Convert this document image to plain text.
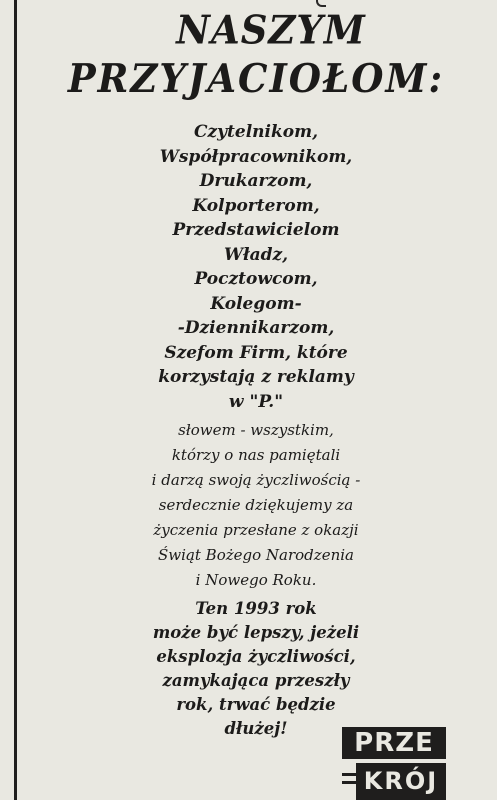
NASZYM
PRZYJACIOŁOM:
Czytelnikom,
Współpracownikom,
Drukarzom,
Kolporterom,
Przedstawicielom
Władz,
Pocztowcom,
Kolegom-
-Dziennikarzom,
Szefom Firm, które
korzystają z reklamy
w "P."
słowem - wszystkim,
którzy o nas pamiętali
i darzą swoją życzliwością -
serdecznie dziękujemy za
życzenia przesłane z okazji
Świąt Bożego Narodzenia
i Nowego Roku.
Ten 1993 rok
może być lepszy, jeżeli
eksplozja życzliwości,
zamykająca przeszły
rok, trwać będzie
dłużej!	PRZE
KRÓJ
